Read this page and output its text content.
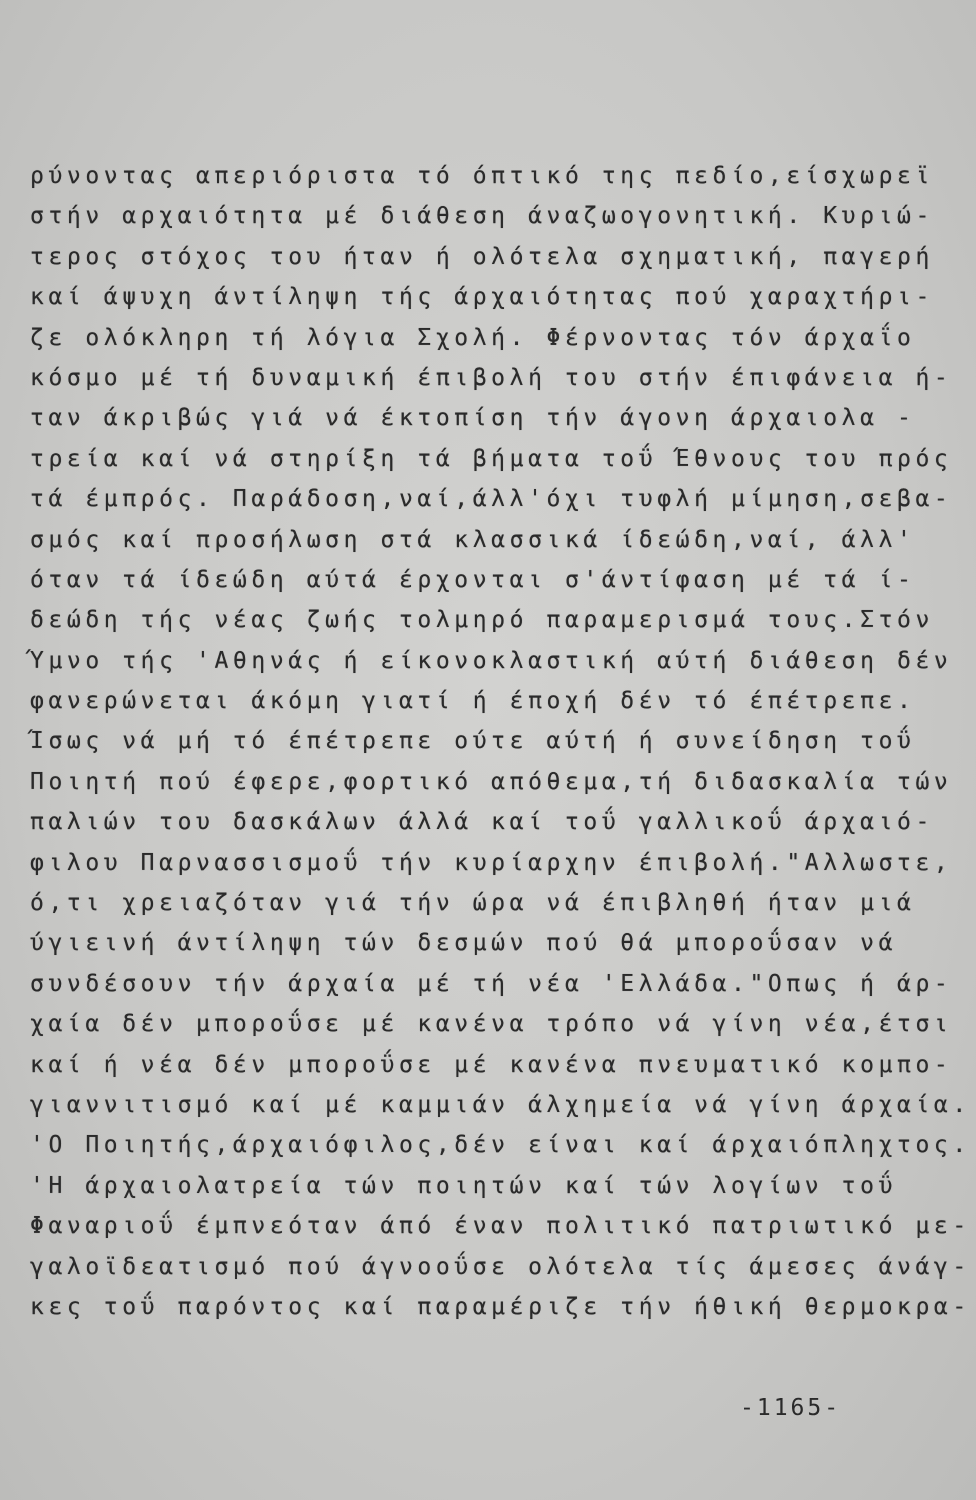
ρύνοντας απεριόριστα τό όπτικό της πεδίο,είσχωρεϊ
στήν αρχαιότητα μέ διάθεση άναζωογονητική. Κυριώ-
τερος στόχος του ήταν ή ολότελα σχηματική, παγερή
καί άψυχη άντίληψη τής άρχαιότητας πού χαραχτήρι-
ζε ολόκληρη τή λόγια Σχολή. Φέρνοντας τόν άρχαΐο
κόσμο μέ τή δυναμική έπιβολή του στήν έπιφάνεια ή-
ταν άκριβώς γιά νά έκτοπίση τήν άγονη άρχαιολα -
τρεία καί νά στηρίξη τά βήματα τοΰ Έθνους του πρός
τά έμπρός. Παράδοση,ναί,άλλ'όχι τυφλή μίμηση,σεβα-
σμός καί προσήλωση στά κλασσικά ίδεώδη,ναί, άλλ'
όταν τά ίδεώδη αύτά έρχονται σ'άντίφαση μέ τά ί-
δεώδη τής νέας ζωής τολμηρό παραμερισμά τους.Στόν
Ύμνο τής 'Αθηνάς ή είκονοκλαστική αύτή διάθεση δέν
φανερώνεται άκόμη γιατί ή έποχή δέν τό έπέτρεπε.
Ίσως νά μή τό έπέτρεπε ούτε αύτή ή συνείδηση τοΰ
Ποιητή πού έφερε,φορτικό απόθεμα,τή διδασκαλία τών
παλιών του δασκάλων άλλά καί τοΰ γαλλικοΰ άρχαιό-
φιλου Παρνασσισμοΰ τήν κυρίαρχην έπιβολή."Αλλωστε,
ό,τι χρειαζόταν γιά τήν ώρα νά έπιβληθή ήταν μιά
ύγιεινή άντίληψη τών δεσμών πού θά μποροΰσαν νά
συνδέσουν τήν άρχαία μέ τή νέα 'Ελλάδα."Οπως ή άρ-
χαία δέν μποροΰσε μέ κανένα τρόπο νά γίνη νέα,έτσι
καί ή νέα δέν μποροΰσε μέ κανένα πνευματικό κομπο-
γιαννιτισμό καί μέ καμμιάν άλχημεία νά γίνη άρχαία.
'Ο Ποιητής,άρχαιόφιλος,δέν είναι καί άρχαιόπληχτος.
'Η άρχαιολατρεία τών ποιητών καί τών λογίων τοΰ
Φαναριοΰ έμπνεόταν άπό έναν πολιτικό πατριωτικό με-
γαλοϊδεατισμό πού άγνοοΰσε ολότελα τίς άμεσες άνάγ-
κες τοΰ παρόντος καί παραμέριζε τήν ήθική θερμοκρα-
-1165-
